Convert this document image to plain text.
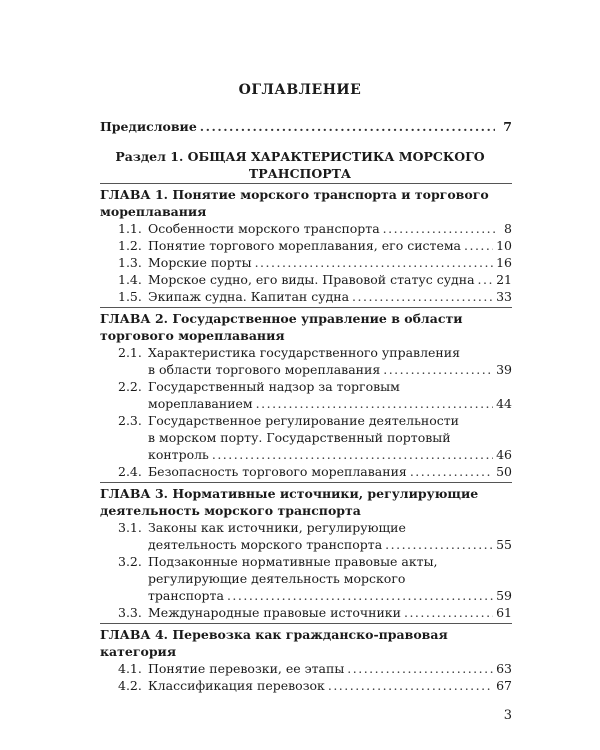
ОГЛАВЛЕНИЕ
Предисловие .....	7
Раздел 1. ОБЩАЯ ХАРАКТЕРИСТИКА МОРСКОГО
ТРАНСПОРТА
ГЛАВА 1. Понятие морского транспорта и торгового
мореплавания
1.1. Особенности морского транспорта .....	8
1.2. Понятие торгового мореплавания, его система .....	10
1.3. Морские порты .....	16
1.4. Морское судно, его виды. Правовой статус судна ..... 21
1.5. Экипаж судна. Капитан судна .....	33
ГЛАВА 2. Государственное управление в области
торгового мореплавания
2.1. Характеристика государственного управления
в области торгового мореплавания .....	39
2.2. Государственный надзор за торговым
мореплаванием .....	44
2.3. Государственное регулирование деятельности
в морском порту. Государственный портовый
контроль .....	46
2.4. Безопасность торгового мореплавания .....	50
ГЛАВА 3. Нормативные источники, регулирующие
деятельность морского транспорта
3.1. Законы как источники, регулирующие
деятельность морского транспорта .....	55
3.2. Подзаконные нормативные правовые акты,
регулирующие деятельность морского
транспорта .....	59
3.3. Международные правовые источники .....	61
ГЛАВА 4. Перевозка как гражданско-правовая
категория
4.1. Понятие перевозки, ее этапы .....	63
4.2. Классификация перевозок .....	67
3
